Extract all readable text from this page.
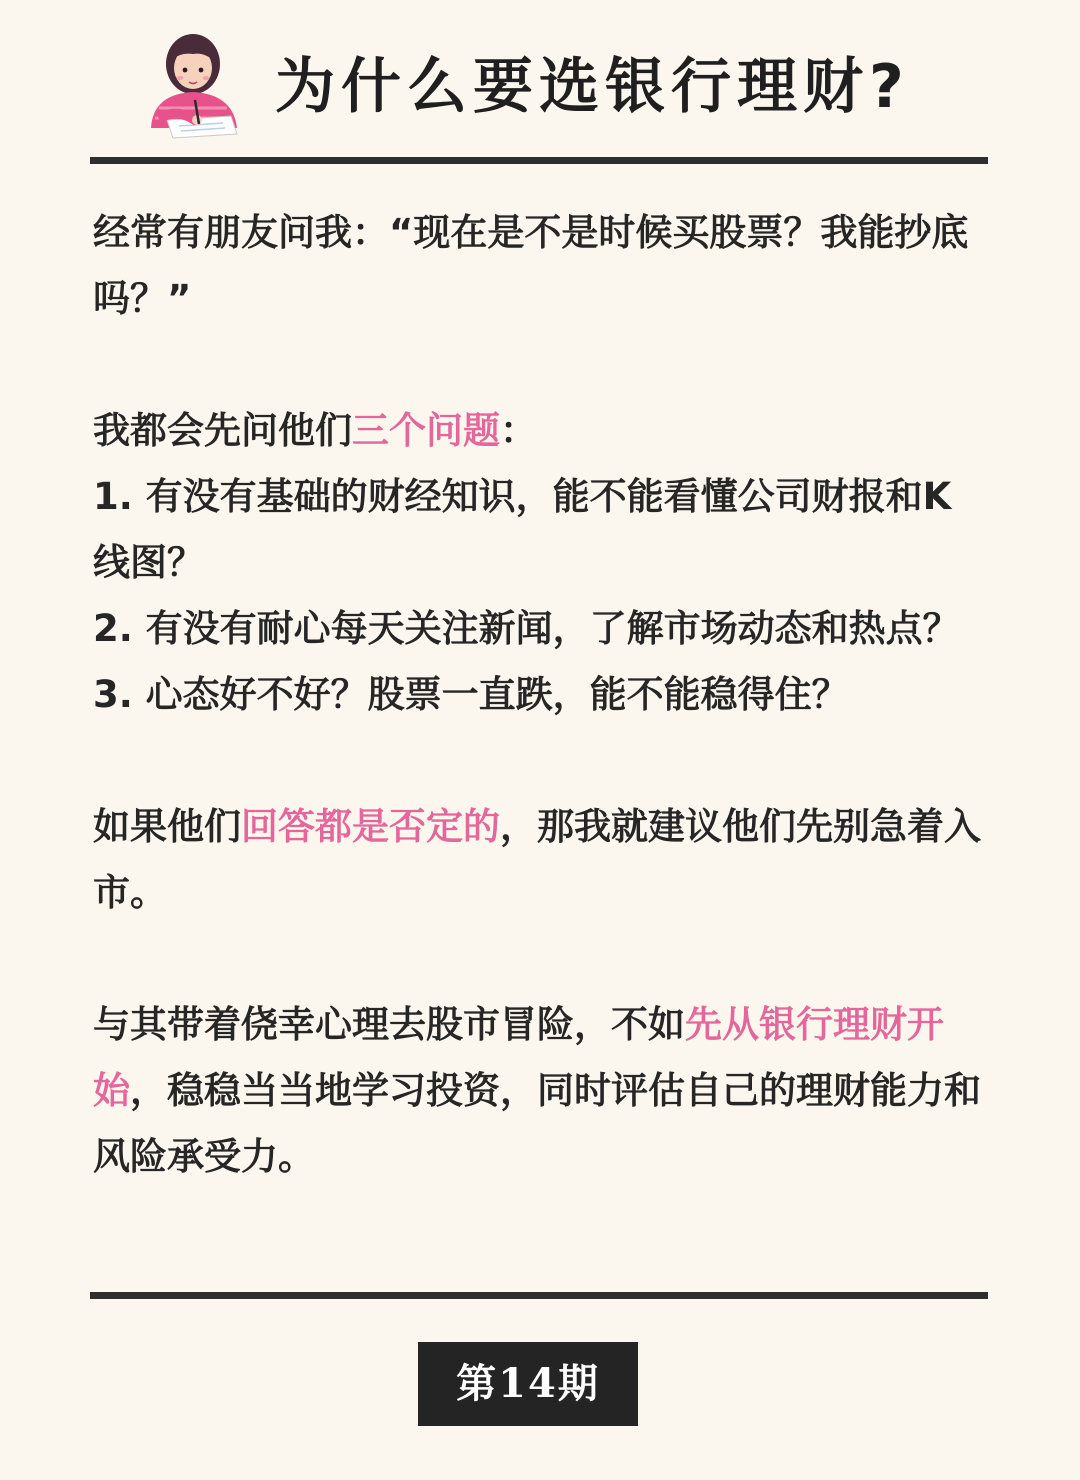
为什么要选银行理财?

经常有朋友问我：“现在是不是时候买股票？我能抄底吗？”

我都会先问他们三个问题：

1. 有没有基础的财经知识，能不能看懂公司财报和K线图？

2. 有没有耐心每天关注新闻，了解市场动态和热点？

3. 心态好不好？股票一直跌，能不能稳得住？

如果他们回答都是否定的，那我就建议他们先别急着入市。

与其带着侥幸心理去股市冒险，不如先从银行理财开始，稳稳当当地学习投资，同时评估自己的理财能力和风险承受力。

第14期
